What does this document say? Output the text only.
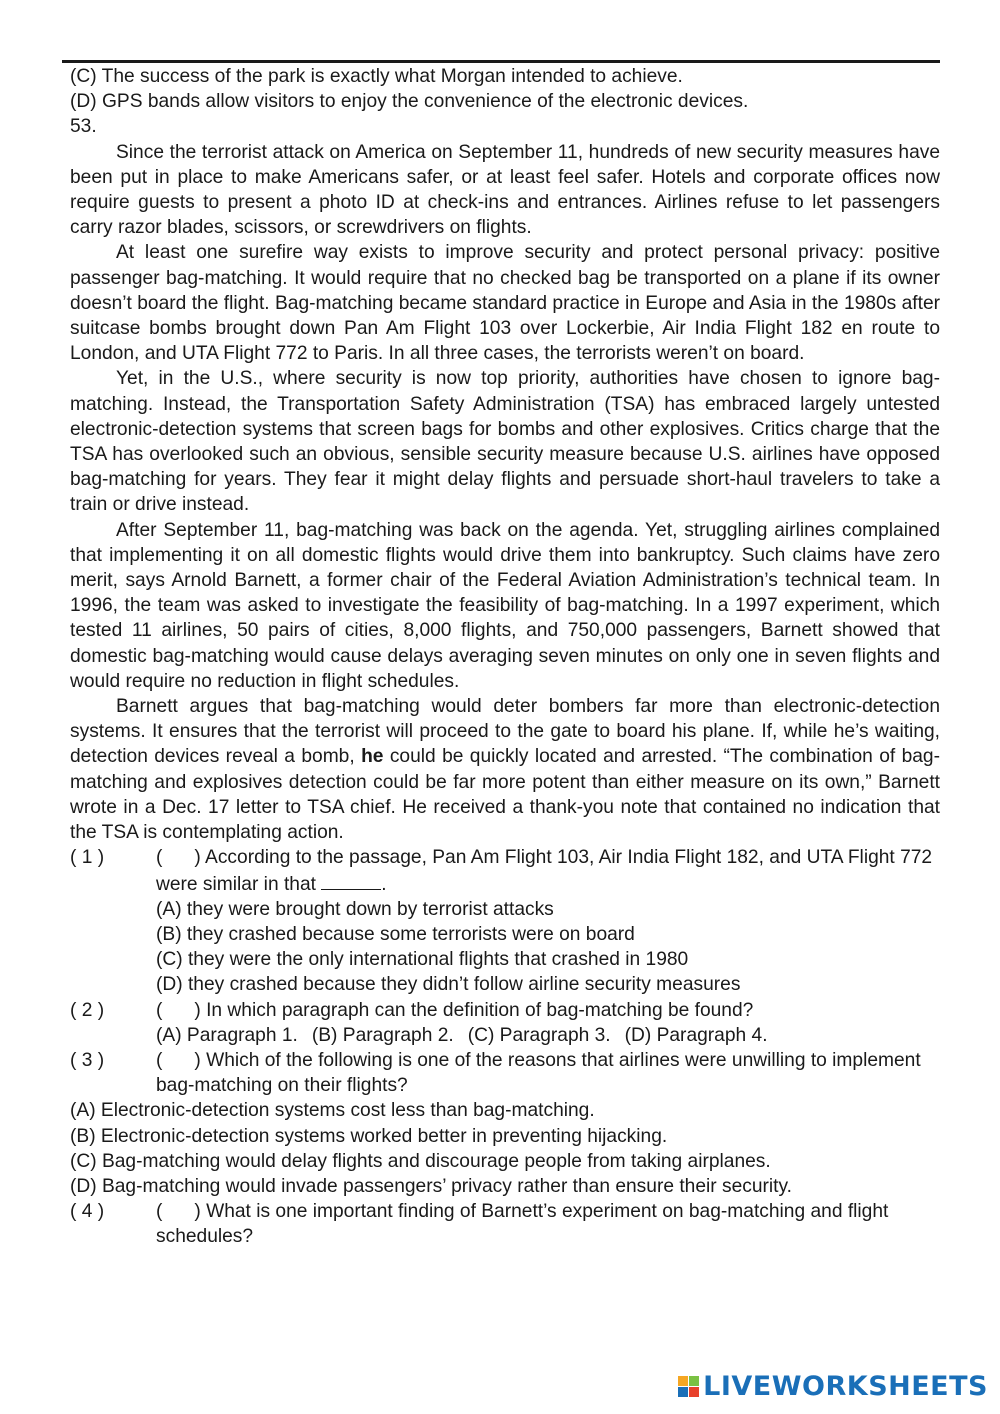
(C) The success of the park is exactly what Morgan intended to achieve.
(D) GPS bands allow visitors to enjoy the convenience of the electronic devices.
53.

Since the terrorist attack on America on September 11, hundreds of new security measures have been put in place to make Americans safer, or at least feel safer. Hotels and corporate offices now require guests to present a photo ID at check-ins and entrances. Airlines refuse to let passengers carry razor blades, scissors, or screwdrivers on flights.

At least one surefire way exists to improve security and protect personal privacy: positive passenger bag-matching. It would require that no checked bag be transported on a plane if its owner doesn’t board the flight. Bag-matching became standard practice in Europe and Asia in the 1980s after suitcase bombs brought down Pan Am Flight 103 over Lockerbie, Air India Flight 182 en route to London, and UTA Flight 772 to Paris. In all three cases, the terrorists weren’t on board.

Yet, in the U.S., where security is now top priority, authorities have chosen to ignore bag-matching. Instead, the Transportation Safety Administration (TSA) has embraced largely untested electronic-detection systems that screen bags for bombs and other explosives. Critics charge that the TSA has overlooked such an obvious, sensible security measure because U.S. airlines have opposed bag-matching for years. They fear it might delay flights and persuade short-haul travelers to take a train or drive instead.

After September 11, bag-matching was back on the agenda. Yet, struggling airlines complained that implementing it on all domestic flights would drive them into bankruptcy. Such claims have zero merit, says Arnold Barnett, a former chair of the Federal Aviation Administration’s technical team. In 1996, the team was asked to investigate the feasibility of bag-matching. In a 1997 experiment, which tested 11 airlines, 50 pairs of cities, 8,000 flights, and 750,000 passengers, Barnett showed that domestic bag-matching would cause delays averaging seven minutes on only one in seven flights and would require no reduction in flight schedules.

Barnett argues that bag-matching would deter bombers far more than electronic-detection systems. It ensures that the terrorist will proceed to the gate to board his plane. If, while he’s waiting, detection devices reveal a bomb, he could be quickly located and arrested. “The combination of bag-matching and explosives detection could be far more potent than either measure on its own,” Barnett wrote in a Dec. 17 letter to TSA chief. He received a thank-you note that contained no indication that the TSA is contemplating action.

( 1 )	(      ) According to the passage, Pan Am Flight 103, Air India Flight 182, and UTA Flight 772 were similar in that	.
(A) they were brought down by terrorist attacks
(B) they crashed because some terrorists were on board
(C) they were the only international flights that crashed in 1980
(D) they crashed because they didn’t follow airline security measures
( 2 )	(      ) In which paragraph can the definition of bag-matching be found?
(A) Paragraph 1. (B) Paragraph 2. (C) Paragraph 3. (D) Paragraph 4.
( 3 )	(      ) Which of the following is one of the reasons that airlines were unwilling to implement bag-matching on their flights?
(A) Electronic-detection systems cost less than bag-matching.
(B) Electronic-detection systems worked better in preventing hijacking.
(C) Bag-matching would delay flights and discourage people from taking airplanes.
(D) Bag-matching would invade passengers’ privacy rather than ensure their security.
( 4 )	(      ) What is one important finding of Barnett’s experiment on bag-matching and flight schedules?
LIVEWORKSHEETS
